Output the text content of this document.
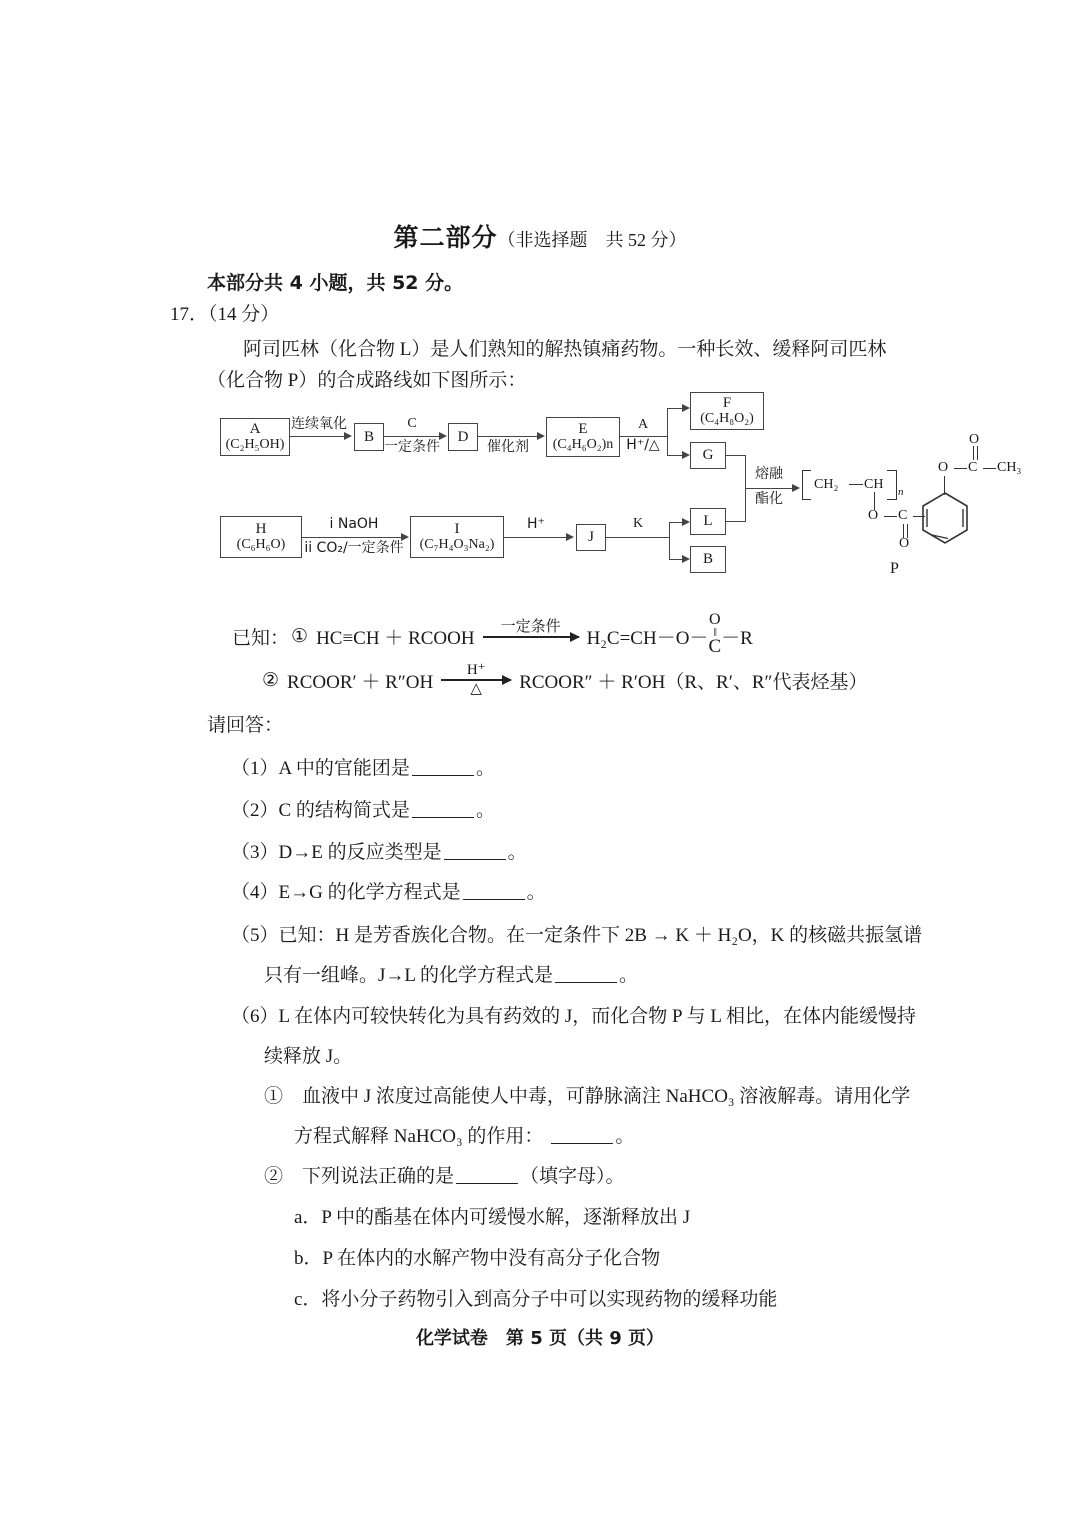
第二部分（非选择题　共 52 分）
本部分共 4 小题，共 52 分。
17．（14 分）
阿司匹林（化合物 L）是人们熟知的解热镇痛药物。一种长效、缓释阿司匹林
（化合物 P）的合成路线如下图所示：
A
(C₂H₅OH)
连续氧化
B
C
一定条件
D
催化剂
E
(C₄H₆O₂)n
A
H⁺/△
F
(C₄H₈O₂)
G
H
(C₆H₆O)
i NaOH
ii CO₂/一定条件
I
(C₇H₄O₃Na₂)
H⁺
J
K	L
B
熔融
酯化
CH₂ CH n
O C
O
O C
O
CH₃
P
已知： ① HC≡CH ＋ RCOOH
一定条件
H₂C=CH－O－
O
‖
C －R
② RCOOR′ ＋ R″OH
H⁺
△ RCOOR″ ＋ R′OH（R、R′、R″代表烃基）
请回答：
（1）A 中的官能团是	。
（2）C 的结构简式是	。
（3）D→E 的反应类型是	。
（4）E→G 的化学方程式是	。
（5）已知：H 是芳香族化合物。在一定条件下 2B → K ＋ H₂O，K 的核磁共振氢谱
只有一组峰。J→L 的化学方程式是	。
（6）L 在体内可较快转化为具有药效的 J，而化合物 P 与 L 相比，在体内能缓慢持
续释放 J。
①　血液中 J 浓度过高能使人中毒，可静脉滴注 NaHCO₃ 溶液解毒。请用化学
方程式解释 NaHCO₃ 的作用：	。
②　下列说法正确的是	（填字母）。
a．P 中的酯基在体内可缓慢水解，逐渐释放出 J
b．P 在体内的水解产物中没有高分子化合物
c．将小分子药物引入到高分子中可以实现药物的缓释功能
化学试卷　第 5 页（共 9 页）
